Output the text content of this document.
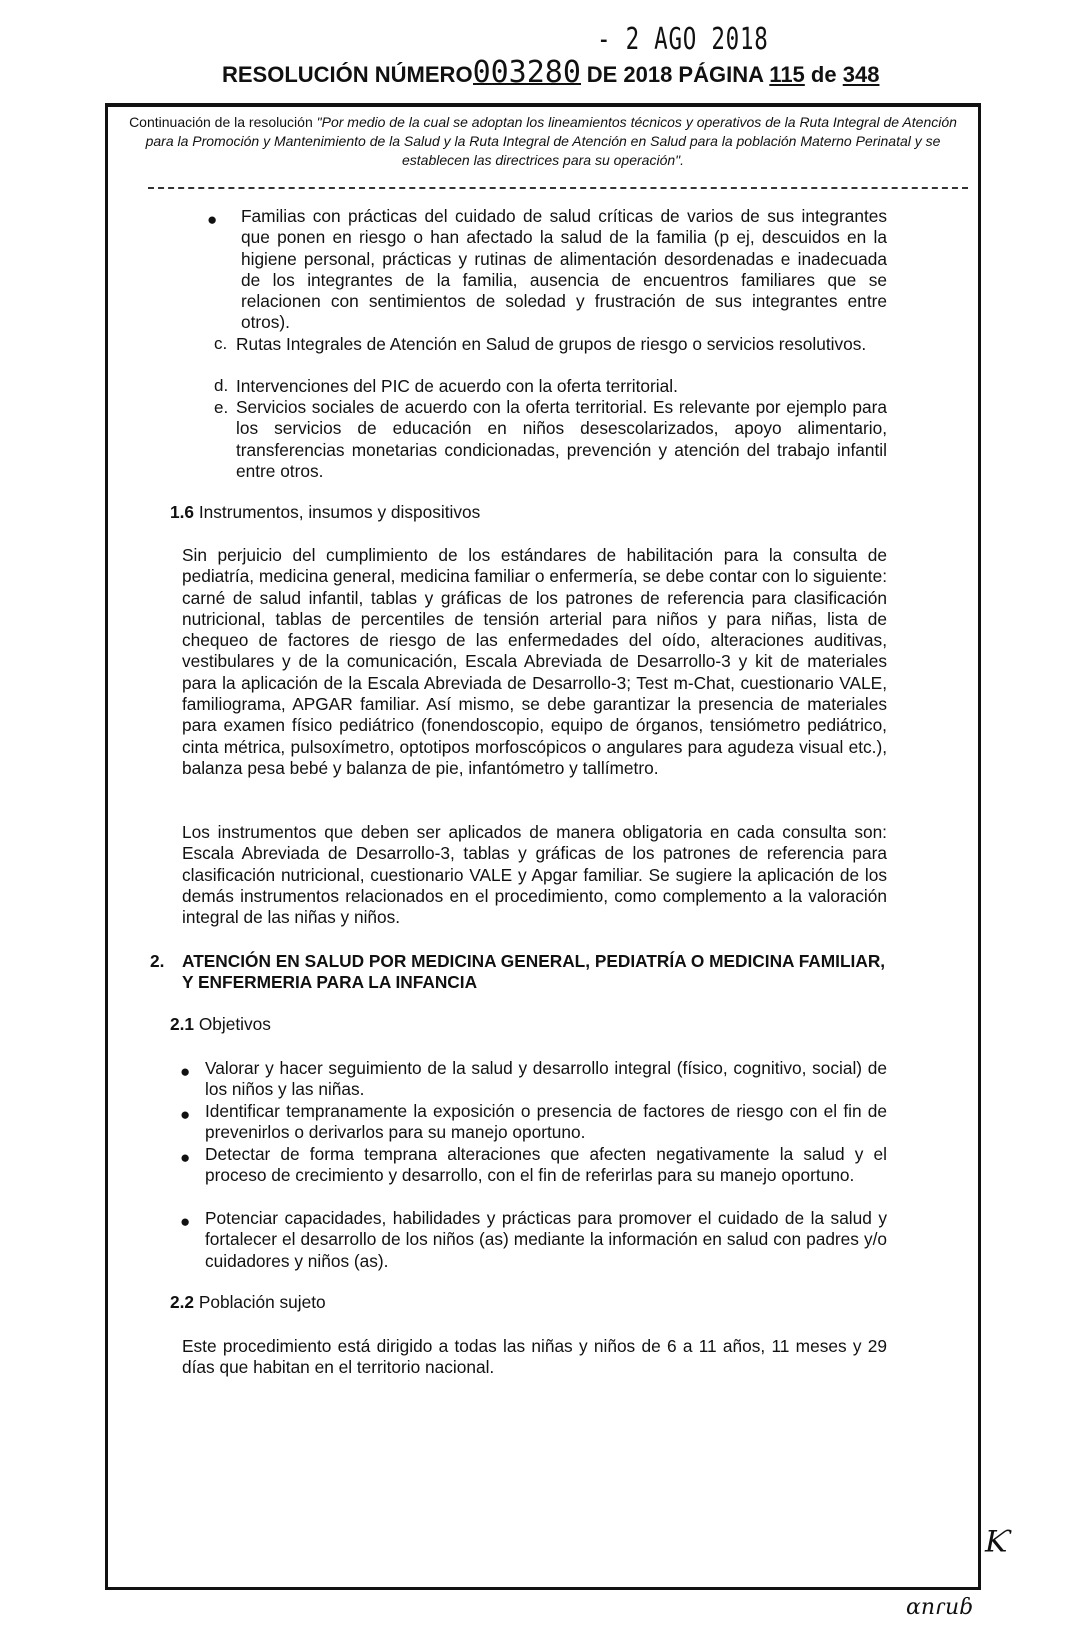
- 2 AGO 2018
RESOLUCIÓN NÚMERO003280 DE 2018 PÁGINA 115 de 348
Continuación de la resolución "Por medio de la cual se adoptan los lineamientos técnicos y operativos de la Ruta Integral de Atención para la Promoción y Mantenimiento de la Salud y la Ruta Integral de Atención en Salud para la población Materno Perinatal y se establecen las directrices para su operación".
● Familias con prácticas del cuidado de salud críticas de varios de sus integrantes que ponen en riesgo o han afectado la salud de la familia (p ej, descuidos en la higiene personal, prácticas y rutinas de alimentación desordenadas e inadecuada de los integrantes de la familia, ausencia de encuentros familiares que se relacionen con sentimientos de soledad y frustración de sus integrantes entre otros).
c. Rutas Integrales de Atención en Salud de grupos de riesgo o servicios resolutivos.
d. Intervenciones del PIC de acuerdo con la oferta territorial.
e. Servicios sociales de acuerdo con la oferta territorial. Es relevante por ejemplo para los servicios de educación en niños desescolarizados, apoyo alimentario, transferencias monetarias condicionadas, prevención y atención del trabajo infantil entre otros.
1.6 Instrumentos, insumos y dispositivos
Sin perjuicio del cumplimiento de los estándares de habilitación para la consulta de pediatría, medicina general, medicina familiar o enfermería, se debe contar con lo siguiente: carné de salud infantil, tablas y gráficas de los patrones de referencia para clasificación nutricional, tablas de percentiles de tensión arterial para niños y para niñas, lista de chequeo de factores de riesgo de las enfermedades del oído, alteraciones auditivas, vestibulares y de la comunicación, Escala Abreviada de Desarrollo-3 y kit de materiales para la aplicación de la Escala Abreviada de Desarrollo-3; Test m-Chat, cuestionario VALE, familiograma, APGAR familiar. Así mismo, se debe garantizar la presencia de materiales para examen físico pediátrico (fonendoscopio, equipo de órganos, tensiómetro pediátrico, cinta métrica, pulsoxímetro, optotipos morfoscópicos o angulares para agudeza visual etc.), balanza pesa bebé y balanza de pie, infantómetro y tallímetro.
Los instrumentos que deben ser aplicados de manera obligatoria en cada consulta son: Escala Abreviada de Desarrollo-3, tablas y gráficas de los patrones de referencia para clasificación nutricional, cuestionario VALE y Apgar familiar. Se sugiere la aplicación de los demás instrumentos relacionados en el procedimiento, como complemento a la valoración integral de las niñas y niños.
2. ATENCIÓN EN SALUD POR MEDICINA GENERAL, PEDIATRÍA O MEDICINA FAMILIAR, Y ENFERMERIA PARA LA INFANCIA
2.1 Objetivos
● Valorar y hacer seguimiento de la salud y desarrollo integral (físico, cognitivo, social) de los niños y las niñas.
● Identificar tempranamente la exposición o presencia de factores de riesgo con el fin de prevenirlos o derivarlos para su manejo oportuno.
● Detectar de forma temprana alteraciones que afecten negativamente la salud y el proceso de crecimiento y desarrollo, con el fin de referirlas para su manejo oportuno.
● Potenciar capacidades, habilidades y prácticas para promover el cuidado de la salud y fortalecer el desarrollo de los niños (as) mediante la información en salud con padres y/o cuidadores y niños (as).
2.2 Población sujeto
Este procedimiento está dirigido a todas las niñas y niños de 6 a 11 años, 11 meses y 29 días que habitan en el territorio nacional.
Ƙ
ɑnɾuɓ
